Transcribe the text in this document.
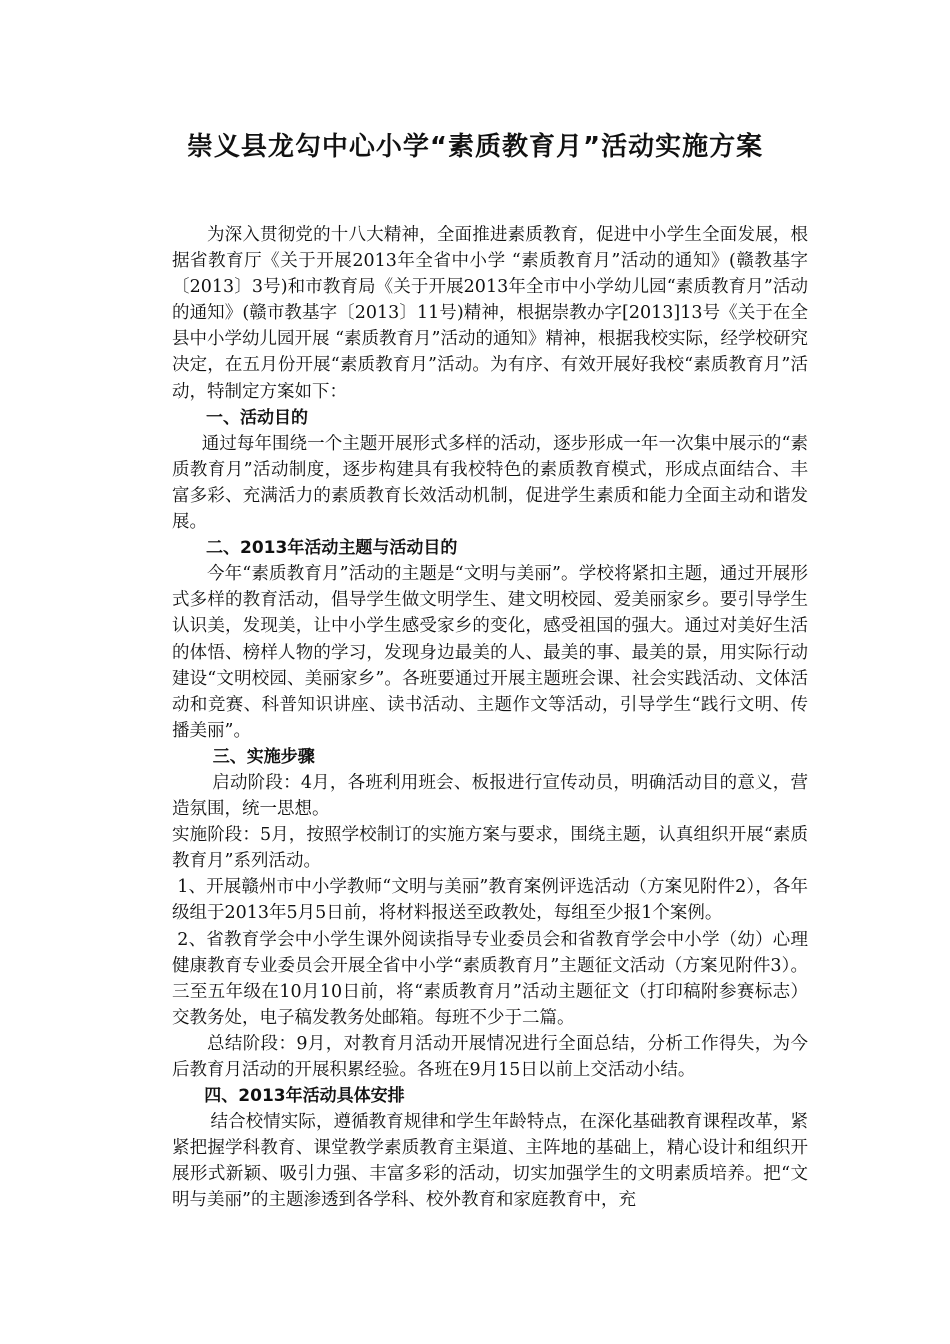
崇义县龙勾中心小学“素质教育月”活动实施方案

为深入贯彻党的十八大精神，全面推进素质教育，促进中小学生全面发展，根据省教育厅《关于开展2013年全省中小学 “素质教育月”活动的通知》(赣教基字〔2013〕3号)和市教育局《关于开展2013年全市中小学幼儿园“素质教育月”活动的通知》(赣市教基字〔2013〕11号)精神，根据崇教办字[2013]13号《关于在全县中小学幼儿园开展 “素质教育月”活动的通知》精神，根据我校实际，经学校研究决定，在五月份开展“素质教育月”活动。为有序、有效开展好我校“素质教育月”活动，特制定方案如下：

一、活动目的

通过每年围绕一个主题开展形式多样的活动，逐步形成一年一次集中展示的“素质教育月”活动制度，逐步构建具有我校特色的素质教育模式，形成点面结合、丰富多彩、充满活力的素质教育长效活动机制，促进学生素质和能力全面主动和谐发展。

二、2013年活动主题与活动目的

今年“素质教育月”活动的主题是“文明与美丽”。学校将紧扣主题，通过开展形式多样的教育活动，倡导学生做文明学生、建文明校园、爱美丽家乡。要引导学生认识美，发现美，让中小学生感受家乡的变化，感受祖国的强大。通过对美好生活的体悟、榜样人物的学习，发现身边最美的人、最美的事、最美的景，用实际行动建设“文明校园、美丽家乡”。各班要通过开展主题班会课、社会实践活动、文体活动和竞赛、科普知识讲座、读书活动、主题作文等活动，引导学生“践行文明、传播美丽”。

三、实施步骤

启动阶段：4月，各班利用班会、板报进行宣传动员，明确活动目的意义，营造氛围，统一思想。

实施阶段：5月，按照学校制订的实施方案与要求，围绕主题，认真组织开展“素质教育月”系列活动。

1、开展赣州市中小学教师“文明与美丽”教育案例评选活动（方案见附件2），各年级组于2013年5月5日前，将材料报送至政教处，每组至少报1个案例。

2、省教育学会中小学生课外阅读指导专业委员会和省教育学会中小学（幼）心理健康教育专业委员会开展全省中小学“素质教育月”主题征文活动（方案见附件3）。三至五年级在10月10日前，将“素质教育月”活动主题征文（打印稿附参赛标志）交教务处，电子稿发教务处邮箱。每班不少于二篇。

总结阶段：9月，对教育月活动开展情况进行全面总结，分析工作得失，为今后教育月活动的开展积累经验。各班在9月15日以前上交活动小结。

四、2013年活动具体安排

结合校情实际，遵循教育规律和学生年龄特点，在深化基础教育课程改革，紧紧把握学科教育、课堂教学素质教育主渠道、主阵地的基础上，精心设计和组织开展形式新颖、吸引力强、丰富多彩的活动，切实加强学生的文明素质培养。把“文明与美丽”的主题渗透到各学科、校外教育和家庭教育中，充
